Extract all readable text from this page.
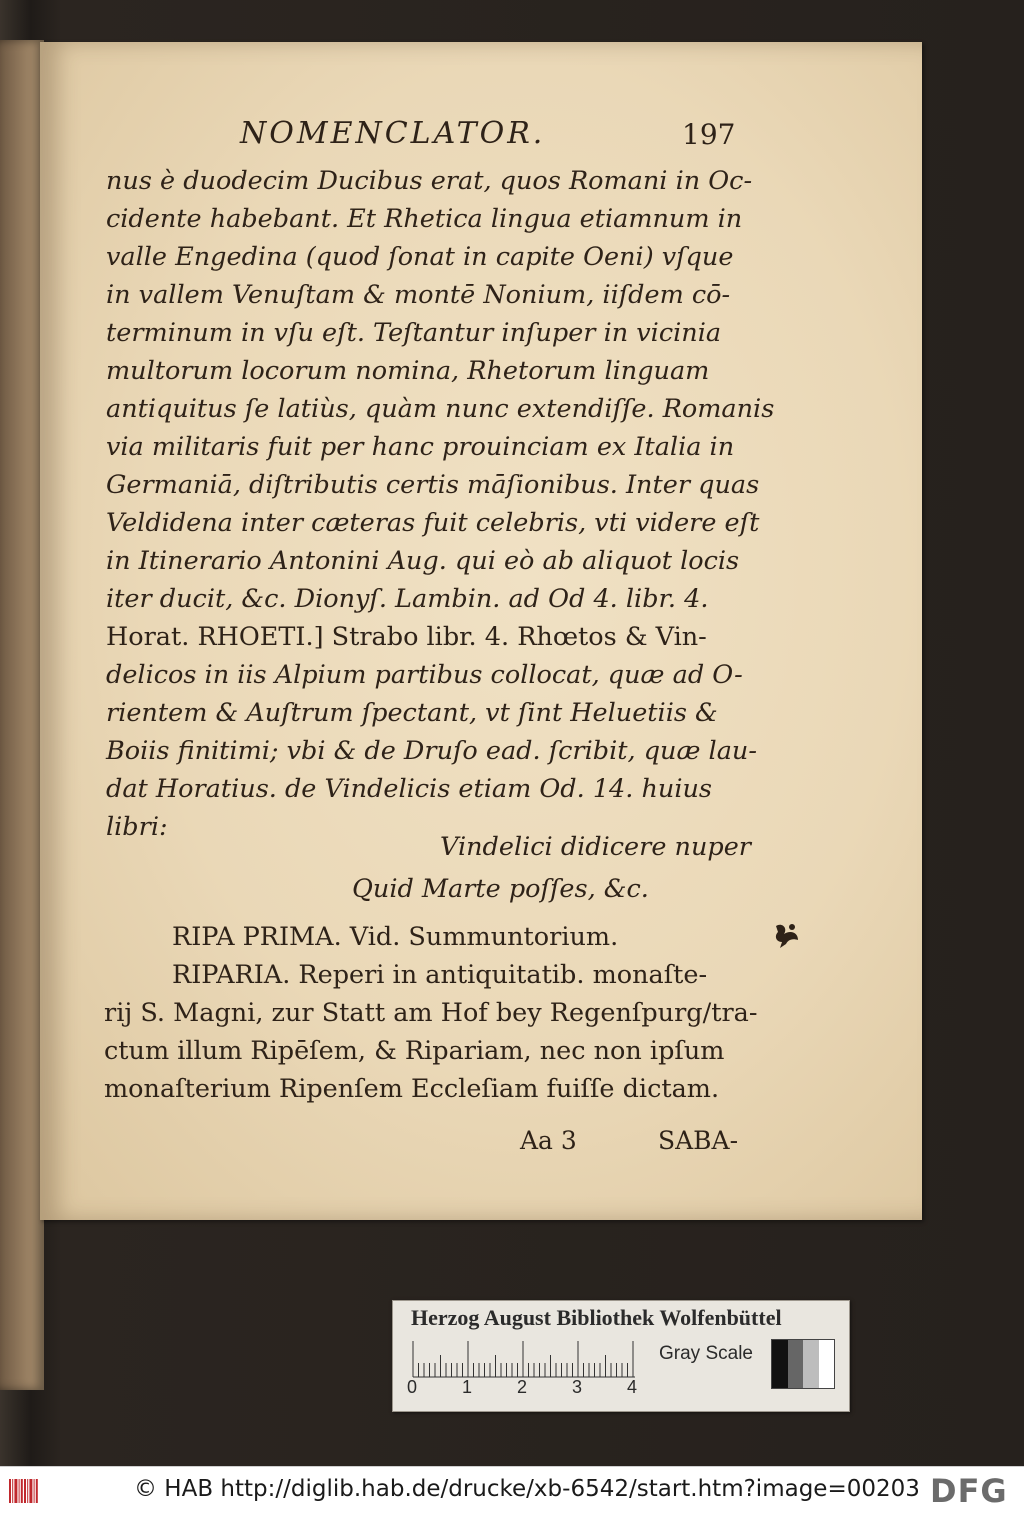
NOMENCLATOR.	197
nus è duodecim Ducibus erat, quos Romani in Oc-
cidente habebant. Et Rhetica lingua etiamnum in
valle Engedina (quod ſonat in capite Oeni) vſque
in vallem Venuſtam & montē Nonium, iiſdem cō-
terminum in vſu eſt. Teſtantur inſuper in vicinia
multorum locorum nomina, Rhetorum linguam
antiquitus ſe latiùs, quàm nunc extendiſſe. Romanis
via militaris fuit per hanc prouinciam ex Italia in
Germaniā, diſtributis certis māſionibus. Inter quas
Veldidena inter cæteras fuit celebris, vti videre eſt
in Itinerario Antonini Aug. qui eò ab aliquot locis
iter ducit, &c. Dionyſ. Lambin. ad Od 4. libr. 4.
Horat. RHOETI.] Strabo libr. 4. Rhœtos & Vin-
delicos in iis Alpium partibus collocat, quæ ad O-
rientem & Auſtrum ſpectant, vt ſint Heluetiis &
Boiis finitimi; vbi & de Druſo ead. ſcribit, quæ lau-
dat Horatius. de Vindelicis etiam Od. 14. huius
libri:
Vindelici didicere nuper
Quid Marte poſſes, &c.
RIPA PRIMA. Vid. Summuntorium.
RIPARIA. Reperi in antiquitatib. monaſte-
rij S. Magni, zur Statt am Hof bey Regenſpurg/tra-
ctum illum Ripēſem, & Ripariam, nec non ipſum
monaſterium Ripenſem Eccleſiam fuiſſe dictam.
Aa 3	SABA-
Herzog August Bibliothek Wolfenbüttel
0 1 2 3 4
Gray Scale
© HAB http://diglib.hab.de/drucke/xb-6542/start.htm?image=00203 DFG
